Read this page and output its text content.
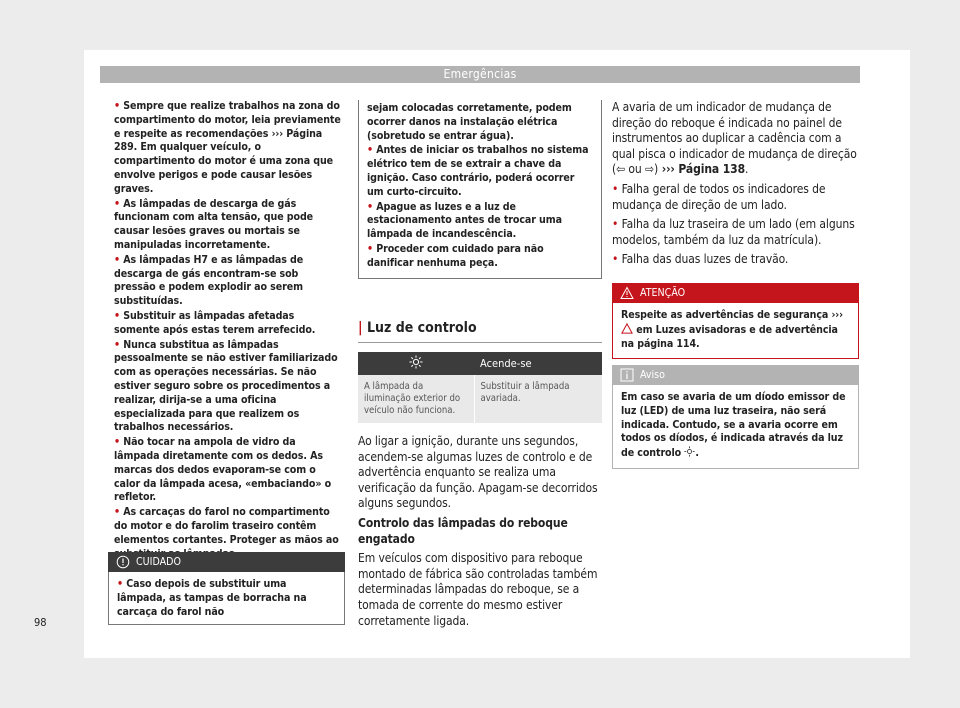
Emergências

• Sempre que realize trabalhos na zona do compartimento do motor, leia previamente e respeite as recomendações ››› Página 289. Em qualquer veículo, o compartimento do motor é uma zona que envolve perigos e pode causar lesões graves.

• As lâmpadas de descarga de gás funcionam com alta tensão, que pode causar lesões graves ou mortais se manipuladas incorretamente.

• As lâmpadas H7 e as lâmpadas de descarga de gás encontram-se sob pressão e podem explodir ao serem substituídas.

• Substituir as lâmpadas afetadas somente após estas terem arrefecido.

• Nunca substitua as lâmpadas pessoalmente se não estiver familiarizado com as operações necessárias. Se não estiver seguro sobre os procedimentos a realizar, dirija-se a uma oficina especializada para que realizem os trabalhos necessários.

• Não tocar na ampola de vidro da lâmpada diretamente com os dedos. As marcas dos dedos evaporam-se com o calor da lâmpada acesa, «embaciando» o refletor.

• As carcaças do farol no compartimento do motor e do farolim traseiro contêm elementos cortantes. Proteger as mãos ao

CUIDADO

• Caso depois de substituir uma lâmpada, as tampas de borracha na carcaça do farol não

sejam colocadas corretamente, podem ocorrer danos na instalação elétrica (sobretudo se entrar água).

• Antes de iniciar os trabalhos no sistema elétrico tem de se extrair a chave da ignição. Caso contrário, poderá ocorrer um curto-circuito.

• Apague as luzes e a luz de estacionamento antes de trocar uma lâmpada de incandescência.

• Proceder com cuidado para não danificar nenhuma peça.

| Luz de controlo
	Acende-se
A lâmpada da iluminação exterior do veículo não funciona.	Substituir a lâmpada avariada.

Ao ligar a ignição, durante uns segundos, acendem-se algumas luzes de controlo e de advertência enquanto se realiza uma verificação da função. Apagam-se decorridos alguns segundos.

Controlo das lâmpadas do reboque engatado

Em veículos com dispositivo para reboque montado de fábrica são controladas também determinadas lâmpadas do reboque, se a tomada de corrente do mesmo estiver corretamente ligada.

A avaria de um indicador de mudança de direção do reboque é indicada no painel de instrumentos ao duplicar a cadência com a qual pisca o indicador de mudança de direção (⇦ ou ⇨) ››› Página 138.

• Falha geral de todos os indicadores de mudança de direção de um lado.

• Falha da luz traseira de um lado (em alguns modelos, também da luz da matrícula).

• Falha das duas luzes de travão.

ATENÇÃO

Respeite as advertências de segurança ›››  em Luzes avisadoras e de advertência na página 114.

Aviso

Em caso se avaria de um díodo emissor de luz (LED) de uma luz traseira, não será indicada. Contudo, se a avaria ocorre em todos os díodos, é indicada através da luz de controlo .

98
